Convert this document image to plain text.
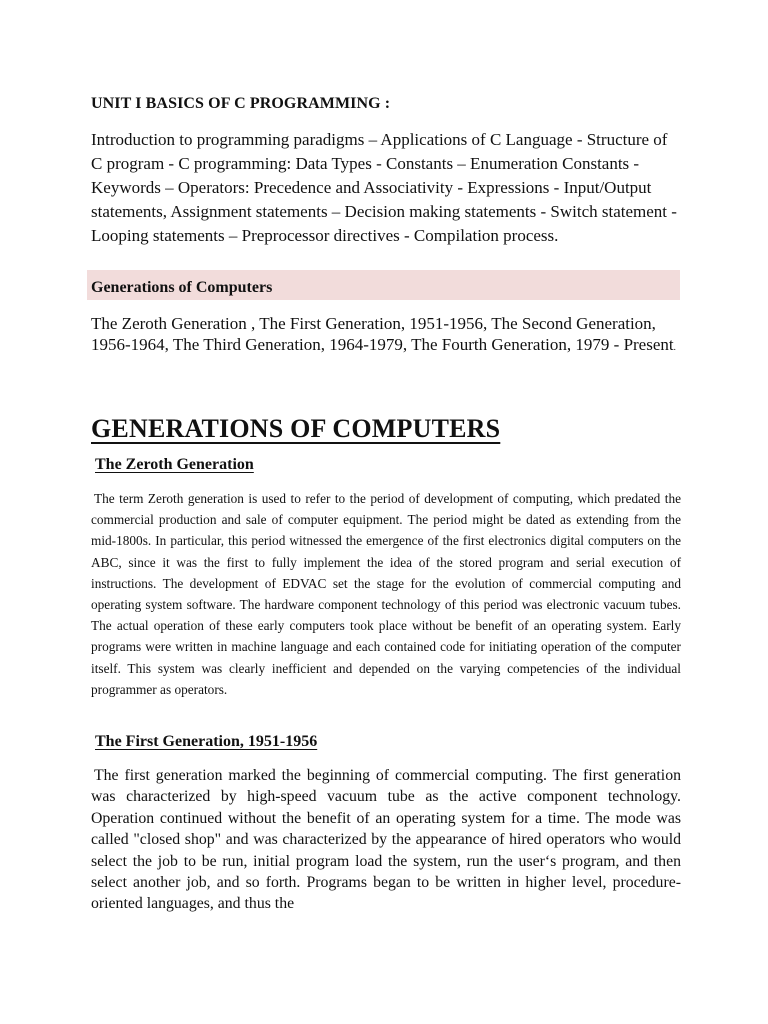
UNIT I BASICS OF C PROGRAMMING :

Introduction to programming paradigms – Applications of C Language - Structure of C program - C programming: Data Types - Constants – Enumeration Constants - Keywords – Operators: Precedence and Associativity - Expressions - Input/Output statements, Assignment statements – Decision making statements - Switch statement - Looping statements – Preprocessor directives - Compilation process.

Generations of Computers

The Zeroth Generation , The First Generation, 1951-1956, The Second Generation, 1956-1964, The Third Generation, 1964-1979, The Fourth Generation, 1979 - Present.

GENERATIONS OF COMPUTERS

The Zeroth Generation

The term Zeroth generation is used to refer to the period of development of computing, which predated the commercial production and sale of computer equipment. The period might be dated as extending from the mid-1800s. In particular, this period witnessed the emergence of the first electronics digital computers on the ABC, since it was the first to fully implement the idea of the stored program and serial execution of instructions. The development of EDVAC set the stage for the evolution of commercial computing and operating system software. The hardware component technology of this period was electronic vacuum tubes. The actual operation of these early computers took place without be benefit of an operating system. Early programs were written in machine language and each contained code for initiating operation of the computer itself. This system was clearly inefficient and depended on the varying competencies of the individual programmer as operators.

The First Generation, 1951-1956

The first generation marked the beginning of commercial computing. The first generation was characterized by high-speed vacuum tube as the active component technology. Operation continued without the benefit of an operating system for a time. The mode was called "closed shop" and was characterized by the appearance of hired operators who would select the job to be run, initial program load the system, run the user‘s program, and then select another job, and so forth. Programs began to be written in higher level, procedure-oriented languages, and thus the
